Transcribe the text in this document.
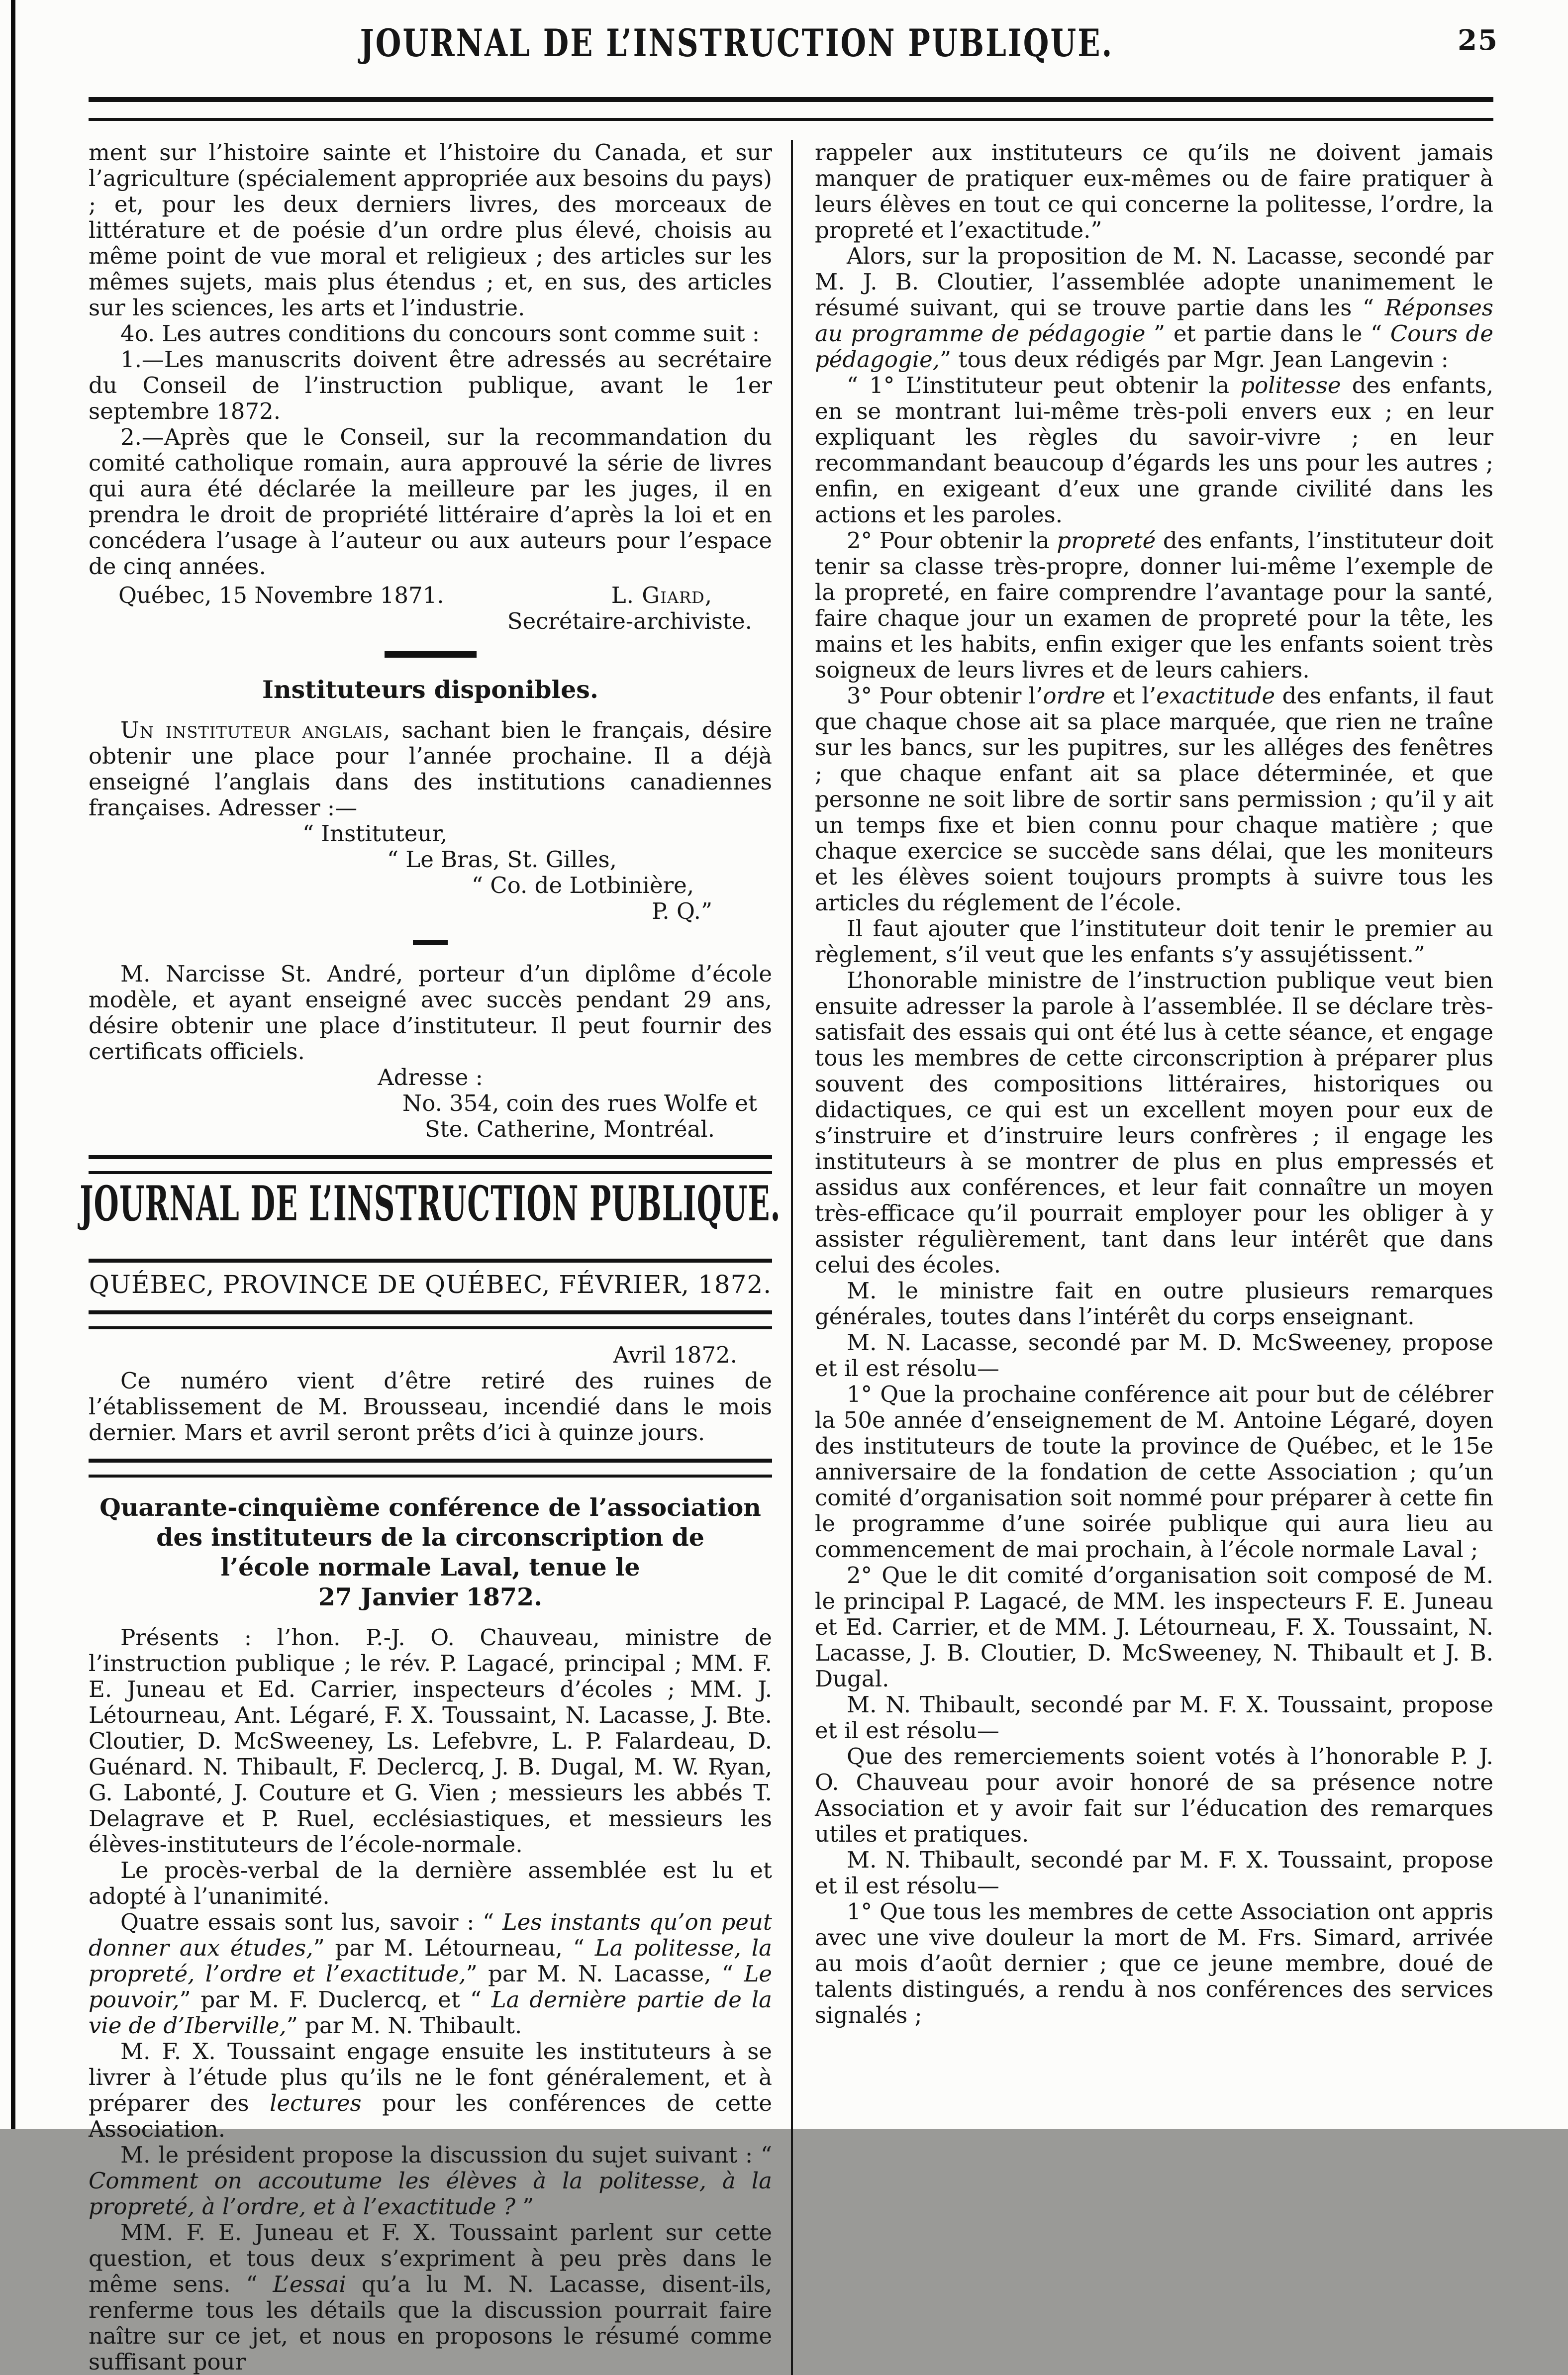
JOURNAL DE L’INSTRUCTION PUBLIQUE.	25

ment sur l’histoire sainte et l’histoire du Canada, et sur l’agriculture (spécialement appropriée aux besoins du pays) ; et, pour les deux derniers livres, des morceaux de littérature et de poésie d’un ordre plus élevé, choisis au même point de vue moral et religieux ; des articles sur les mêmes sujets, mais plus étendus ; et, en sus, des articles sur les sciences, les arts et l’industrie.

4o. Les autres conditions du concours sont comme suit :

1.—Les manuscrits doivent être adressés au secrétaire du Conseil de l’instruction publique, avant le 1er septembre 1872.

2.—Après que le Conseil, sur la recommandation du comité catholique romain, aura approuvé la série de livres qui aura été déclarée la meilleure par les juges, il en prendra le droit de propriété littéraire d’après la loi et en concédera l’usage à l’auteur ou aux auteurs pour l’espace de cinq années.

Québec, 15 Novembre 1871.	L. Giard,
Secrétaire-archiviste.
Instituteurs disponibles.

Un instituteur anglais, sachant bien le français, désire obtenir une place pour l’année prochaine. Il a déjà enseigné l’anglais dans des institutions canadiennes françaises. Adresser :—

“ Instituteur,
“ Le Bras, St. Gilles,
“ Co. de Lotbinière,
P. Q.”

M. Narcisse St. André, porteur d’un diplôme d’école modèle, et ayant enseigné avec succès pendant 29 ans, désire obtenir une place d’instituteur. Il peut fournir des certificats officiels.

Adresse :
No. 354, coin des rues Wolfe et
Ste. Catherine, Montréal.
JOURNAL DE L’INSTRUCTION PUBLIQUE.
QUÉBEC, PROVINCE DE QUÉBEC, FÉVRIER, 1872.
Avril 1872.

Ce numéro vient d’être retiré des ruines de l’établissement de M. Brousseau, incendié dans le mois dernier. Mars et avril seront prêts d’ici à quinze jours.

Quarante-cinquième conférence de l’association
des instituteurs de la circonscription de
l’école normale Laval, tenue le
27 Janvier 1872.

Présents : l’hon. P.-J. O. Chauveau, ministre de l’instruction publique ; le rév. P. Lagacé, principal ; MM. F. E. Juneau et Ed. Carrier, inspecteurs d’écoles ; MM. J. Létourneau, Ant. Légaré, F. X. Toussaint, N. Lacasse, J. Bte. Cloutier, D. McSweeney, Ls. Lefebvre, L. P. Falardeau, D. Guénard. N. Thibault, F. Declercq, J. B. Dugal, M. W. Ryan, G. Labonté, J. Couture et G. Vien ; messieurs les abbés T. Delagrave et P. Ruel, ecclésiastiques, et messieurs les élèves-instituteurs de l’école-normale.

Le procès-verbal de la dernière assemblée est lu et adopté à l’unanimité.

Quatre essais sont lus, savoir : “ Les instants qu’on peut donner aux études,” par M. Létourneau, “ La politesse, la propreté, l’ordre et l’exactitude,” par M. N. Lacasse, “ Le pouvoir,” par M. F. Duclercq, et “ La dernière partie de la vie de d’Iberville,” par M. N. Thibault.

M. F. X. Toussaint engage ensuite les instituteurs à se livrer à l’étude plus qu’ils ne le font généralement, et à préparer des lectures pour les conférences de cette Association.

M. le président propose la discussion du sujet suivant : “ Comment on accoutume les élèves à la politesse, à la propreté, à l’ordre, et à l’exactitude ? ”

MM. F. E. Juneau et F. X. Toussaint parlent sur cette question, et tous deux s’expriment à peu près dans le même sens. “ L’essai qu’a lu M. N. Lacasse, disent-ils, renferme tous les détails que la discussion pourrait faire naître sur ce jet, et nous en proposons le résumé comme suffisant pour

rappeler aux instituteurs ce qu’ils ne doivent jamais manquer de pratiquer eux-mêmes ou de faire pratiquer à leurs élèves en tout ce qui concerne la politesse, l’ordre, la propreté et l’exactitude.”

Alors, sur la proposition de M. N. Lacasse, secondé par M. J. B. Cloutier, l’assemblée adopte unanimement le résumé suivant, qui se trouve partie dans les “ Réponses au programme de pédagogie ” et partie dans le “ Cours de pédagogie,” tous deux rédigés par Mgr. Jean Langevin :

“ 1° L’instituteur peut obtenir la politesse des enfants, en se montrant lui-même très-poli envers eux ; en leur expliquant les règles du savoir-vivre ; en leur recommandant beaucoup d’égards les uns pour les autres ; enfin, en exigeant d’eux une grande civilité dans les actions et les paroles.

2° Pour obtenir la propreté des enfants, l’instituteur doit tenir sa classe très-propre, donner lui-même l’exemple de la propreté, en faire comprendre l’avantage pour la santé, faire chaque jour un examen de propreté pour la tête, les mains et les habits, enfin exiger que les enfants soient très soigneux de leurs livres et de leurs cahiers.

3° Pour obtenir l’ordre et l’exactitude des enfants, il faut que chaque chose ait sa place marquée, que rien ne traîne sur les bancs, sur les pupitres, sur les alléges des fenêtres ; que chaque enfant ait sa place déterminée, et que personne ne soit libre de sortir sans permission ; qu’il y ait un temps fixe et bien connu pour chaque matière ; que chaque exercice se succède sans délai, que les moniteurs et les élèves soient toujours prompts à suivre tous les articles du réglement de l’école.

Il faut ajouter que l’instituteur doit tenir le premier au règlement, s’il veut que les enfants s’y assujétissent.”

L’honorable ministre de l’instruction publique veut bien ensuite adresser la parole à l’assemblée. Il se déclare très-satisfait des essais qui ont été lus à cette séance, et engage tous les membres de cette circonscription à préparer plus souvent des compositions littéraires, historiques ou didactiques, ce qui est un excellent moyen pour eux de s’instruire et d’instruire leurs confrères ; il engage les instituteurs à se montrer de plus en plus empressés et assidus aux conférences, et leur fait connaître un moyen très-efficace qu’il pourrait employer pour les obliger à y assister régulièrement, tant dans leur intérêt que dans celui des écoles.

M. le ministre fait en outre plusieurs remarques générales, toutes dans l’intérêt du corps enseignant.

M. N. Lacasse, secondé par M. D. McSweeney, propose et il est résolu—

1° Que la prochaine conférence ait pour but de célébrer la 50e année d’enseignement de M. Antoine Légaré, doyen des instituteurs de toute la province de Québec, et le 15e anniversaire de la fondation de cette Association ; qu’un comité d’organisation soit nommé pour préparer à cette fin le programme d’une soirée publique qui aura lieu au commencement de mai prochain, à l’école normale Laval ;

2° Que le dit comité d’organisation soit composé de M. le principal P. Lagacé, de MM. les inspecteurs F. E. Juneau et Ed. Carrier, et de MM. J. Létourneau, F. X. Toussaint, N. Lacasse, J. B. Cloutier, D. McSweeney, N. Thibault et J. B. Dugal.

M. N. Thibault, secondé par M. F. X. Toussaint, propose et il est résolu—

Que des remerciements soient votés à l’honorable P. J. O. Chauveau pour avoir honoré de sa présence notre Association et y avoir fait sur l’éducation des remarques utiles et pratiques.

M. N. Thibault, secondé par M. F. X. Toussaint, propose et il est résolu—

1° Que tous les membres de cette Association ont appris avec une vive douleur la mort de M. Frs. Simard, arrivée au mois d’août dernier ; que ce jeune membre, doué de talents distingués, a rendu à nos conférences des services signalés ;
